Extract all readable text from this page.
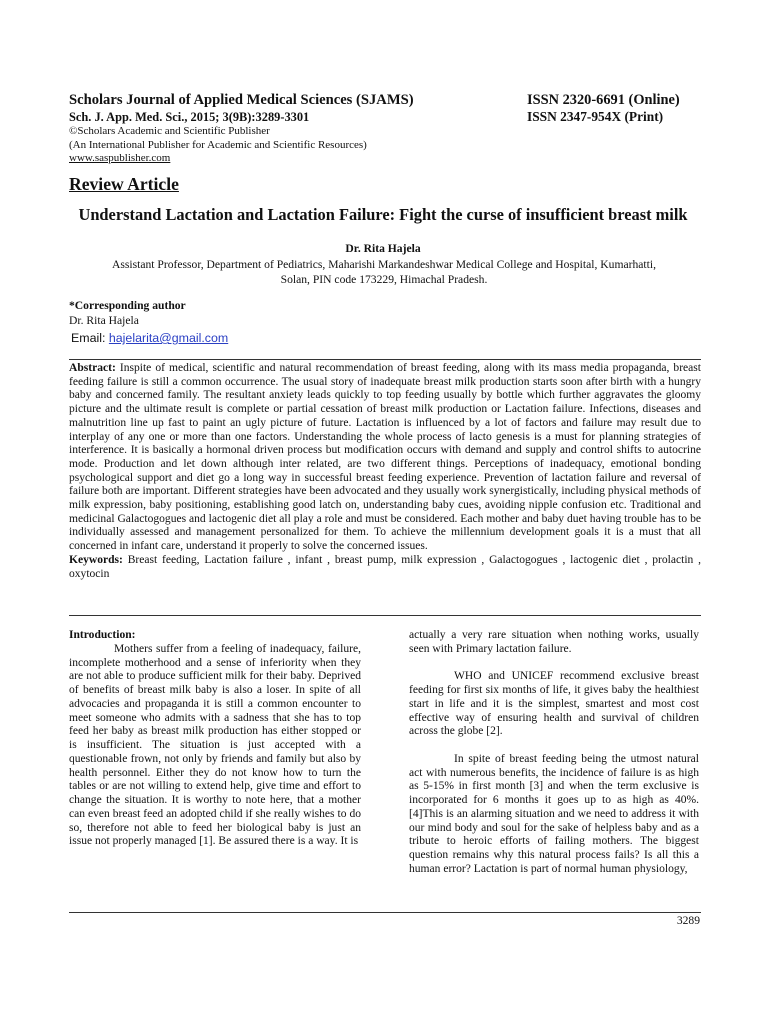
Scholars Journal of Applied Medical Sciences (SJAMS)
Sch. J. App. Med. Sci., 2015; 3(9B):3289-3301
©Scholars Academic and Scientific Publisher
(An International Publisher for Academic and Scientific Resources)
www.saspublisher.com
ISSN 2320-6691 (Online)
ISSN 2347-954X (Print)
Review Article
Understand Lactation and Lactation Failure: Fight the curse of insufficient breast milk
Dr. Rita Hajela
Assistant Professor, Department of Pediatrics, Maharishi Markandeshwar Medical College and Hospital, Kumarhatti,
Solan, PIN code 173229, Himachal Pradesh.
*Corresponding author
Dr. Rita Hajela
Email: hajelarita@gmail.com
Abstract: Inspite of medical, scientific and natural recommendation of breast feeding, along with its mass media propaganda, breast feeding failure is still a common occurrence. The usual story of inadequate breast milk production starts soon after birth with a hungry baby and concerned family. The resultant anxiety leads quickly to top feeding usually by bottle which further aggravates the gloomy picture and the ultimate result is complete or partial cessation of breast milk production or Lactation failure. Infections, diseases and malnutrition line up fast to paint an ugly picture of future. Lactation is influenced by a lot of factors and failure may result due to interplay of any one or more than one factors. Understanding the whole process of lacto genesis is a must for planning strategies of interference. It is basically a hormonal driven process but modification occurs with demand and supply and control shifts to autocrine mode. Production and let down although inter related, are two different things. Perceptions of inadequacy, emotional bonding psychological support and diet go a long way in successful breast feeding experience. Prevention of lactation failure and reversal of failure both are important. Different strategies have been advocated and they usually work synergistically, including physical methods of milk expression, baby positioning, establishing good latch on, understanding baby cues, avoiding nipple confusion etc. Traditional and medicinal Galactogogues and lactogenic diet all play a role and must be considered. Each mother and baby duet having trouble has to be individually assessed and management personalized for them. To achieve the millennium development goals it is a must that all concerned in infant care, understand it properly to solve the concerned issues.
Keywords: Breast feeding, Lactation failure , infant , breast pump, milk expression , Galactogogues , lactogenic diet , prolactin , oxytocin

Introduction:

Mothers suffer from a feeling of inadequacy, failure, incomplete motherhood and a sense of inferiority when they are not able to produce sufficient milk for their baby. Deprived of benefits of breast milk baby is also a loser. In spite of all advocacies and propaganda it is still a common encounter to meet someone who admits with a sadness that she has to top feed her baby as breast milk production has either stopped or is insufficient. The situation is just accepted with a questionable frown, not only by friends and family but also by health personnel. Either they do not know how to turn the tables or are not willing to extend help, give time and effort to change the situation. It is worthy to note here, that a mother can even breast feed an adopted child if she really wishes to do so, therefore not able to feed her biological baby is just an issue not properly managed [1]. Be assured there is a way. It is

actually a very rare situation when nothing works, usually seen with Primary lactation failure.

WHO and UNICEF recommend exclusive breast feeding for first six months of life, it gives baby the healthiest start in life and it is the simplest, smartest and most cost effective way of ensuring health and survival of children across the globe [2].

In spite of breast feeding being the utmost natural act with numerous benefits, the incidence of failure is as high as 5-15% in first month [3] and when the term exclusive is incorporated for 6 months it goes up to as high as 40%. [4]This is an alarming situation and we need to address it with our mind body and soul for the sake of helpless baby and as a tribute to heroic efforts of failing mothers. The biggest question remains why this natural process fails? Is all this a human error? Lactation is part of normal human physiology,

3289
